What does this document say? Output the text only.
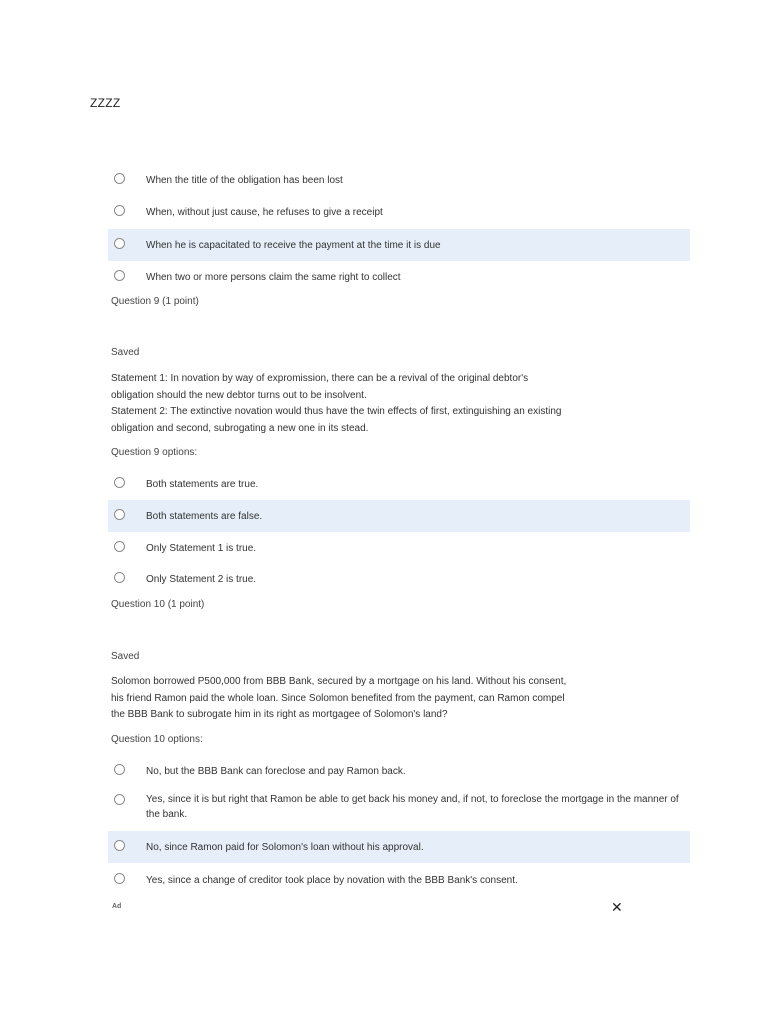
ZZZZ
When the title of the obligation has been lost
When, without just cause, he refuses to give a receipt
When he is capacitated to receive the payment at the time it is due
When two or more persons claim the same right to collect
Question 9 (1 point)
Saved
Statement 1: In novation by way of expromission, there can be a revival of the original debtor's
obligation should the new debtor turns out to be insolvent.
Statement 2: The extinctive novation would thus have the twin effects of first, extinguishing an existing
obligation and second, subrogating a new one in its stead.
Question 9 options:
Both statements are true.
Both statements are false.
Only Statement 1 is true.
Only Statement 2 is true.
Question 10 (1 point)
Saved
Solomon borrowed P500,000 from BBB Bank, secured by a mortgage on his land. Without his consent,
his friend Ramon paid the whole loan. Since Solomon benefited from the payment, can Ramon compel
the BBB Bank to subrogate him in its right as mortgagee of Solomon's land?
Question 10 options:
No, but the BBB Bank can foreclose and pay Ramon back.
Yes, since it is but right that Ramon be able to get back his money and, if not, to foreclose the mortgage in the manner of the bank.
No, since Ramon paid for Solomon's loan without his approval.
Yes, since a change of creditor took place by novation with the BBB Bank's consent.
Ad	✕
